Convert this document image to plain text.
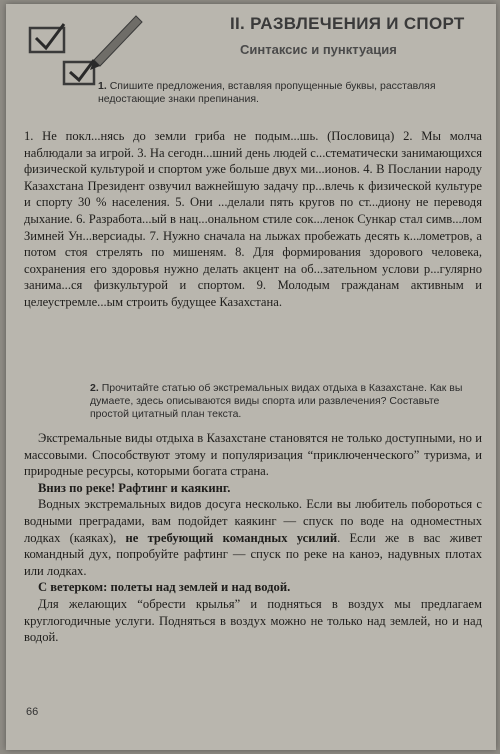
II. РАЗВЛЕЧЕНИЯ И СПОРТ
Синтаксис и пунктуация
1. Спишите предложения, вставляя пропущенные буквы, расставляя недостающие знаки препинания.
1. Не покл...нясь до земли гриба не подым...шь. (Пословица) 2. Мы молча наблюдали за игрой. 3. На сегодн...шний день людей с...стематически занимающихся физической культурой и спортом уже больше двух ми...ионов. 4. В Послании народу Казахстана Президент озвучил важнейшую задачу пр...влечь к физической культуре и спорту 30 % населения. 5. Они ...делали пять кругов по ст...диону не переводя дыхание. 6. Разработа...ый в нац...ональном стиле сок...ленок Сункар стал симв...лом Зимней Ун...версиады. 7. Нужно сначала на лыжах пробежать десять к...лометров, а потом стоя стрелять по мишеням. 8. Для формирования здорового человека, сохранения его здоровья нужно делать акцент на об...зательном услови р...гулярно занима...ся физкультурой и спортом. 9. Молодым гражданам активным и целеустремле...ым строить будущее Казахстана.
2. Прочитайте статью об экстремальных видах отдыха в Казахстане. Как вы думаете, здесь описываются виды спорта или развлечения? Составьте простой цитатный план текста.

Экстремальные виды отдыха в Казахстане становятся не только доступными, но и массовыми. Способствуют этому и популяризация “приключенческого” туризма, и природные ресурсы, которыми богата страна.

Вниз по реке! Рафтинг и каякинг.

Водных экстремальных видов досуга несколько. Если вы любитель побороться с водными преградами, вам подойдет каякинг — спуск по воде на одноместных лодках (каяках), не требующий командных усилий. Если же в вас живет командный дух, попробуйте рафтинг — спуск по реке на каноэ, надувных плотах или лодках.

С ветерком: полеты над землей и над водой.

Для желающих “обрести крылья” и подняться в воздух мы предлагаем круглогодичные услуги. Подняться в воздух можно не только над землей, но и над водой.

66
